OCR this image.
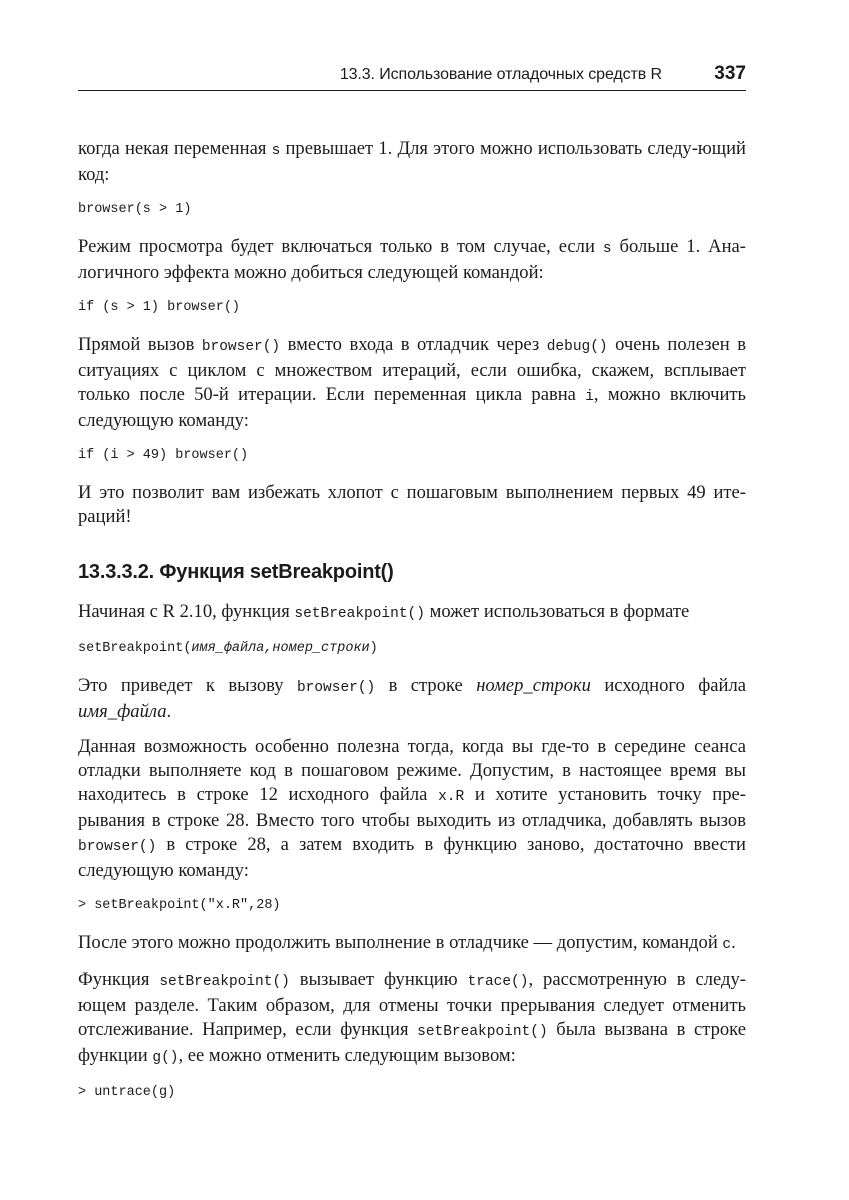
13.3. Использование отладочных средств R	337

когда некая переменная s превышает 1. Для этого можно использовать следу-ющий код:

browser(s > 1)

Режим просмотра будет включаться только в том случае, если s больше 1. Ана-логичного эффекта можно добиться следующей командой:

if (s > 1) browser()

Прямой вызов browser() вместо входа в отладчик через debug() очень полезен в ситуациях с циклом с множеством итераций, если ошибка, скажем, всплывает только после 50-й итерации. Если переменная цикла равна i, можно включить следующую команду:

if (i > 49) browser()

И это позволит вам избежать хлопот с пошаговым выполнением первых 49 ите-раций!

13.3.3.2. Функция setBreakpoint()

Начиная с R 2.10, функция setBreakpoint() может использоваться в формате

setBreakpoint(имя_файла,номер_строки)

Это приведет к вызову browser() в строке номер_строки исходного файла имя_файла.

Данная возможность особенно полезна тогда, когда вы где-то в середине сеанса отладки выполняете код в пошаговом режиме. Допустим, в настоящее время вы находитесь в строке 12 исходного файла x.R и хотите установить точку пре-рывания в строке 28. Вместо того чтобы выходить из отладчика, добавлять вызов browser() в строке 28, а затем входить в функцию заново, достаточно ввести следующую команду:

> setBreakpoint("x.R",28)

После этого можно продолжить выполнение в отладчике — допустим, командой c.

Функция setBreakpoint() вызывает функцию trace(), рассмотренную в следу-ющем разделе. Таким образом, для отмены точки прерывания следует отменить отслеживание. Например, если функция setBreakpoint() была вызвана в строке функции g(), ее можно отменить следующим вызовом:

> untrace(g)
